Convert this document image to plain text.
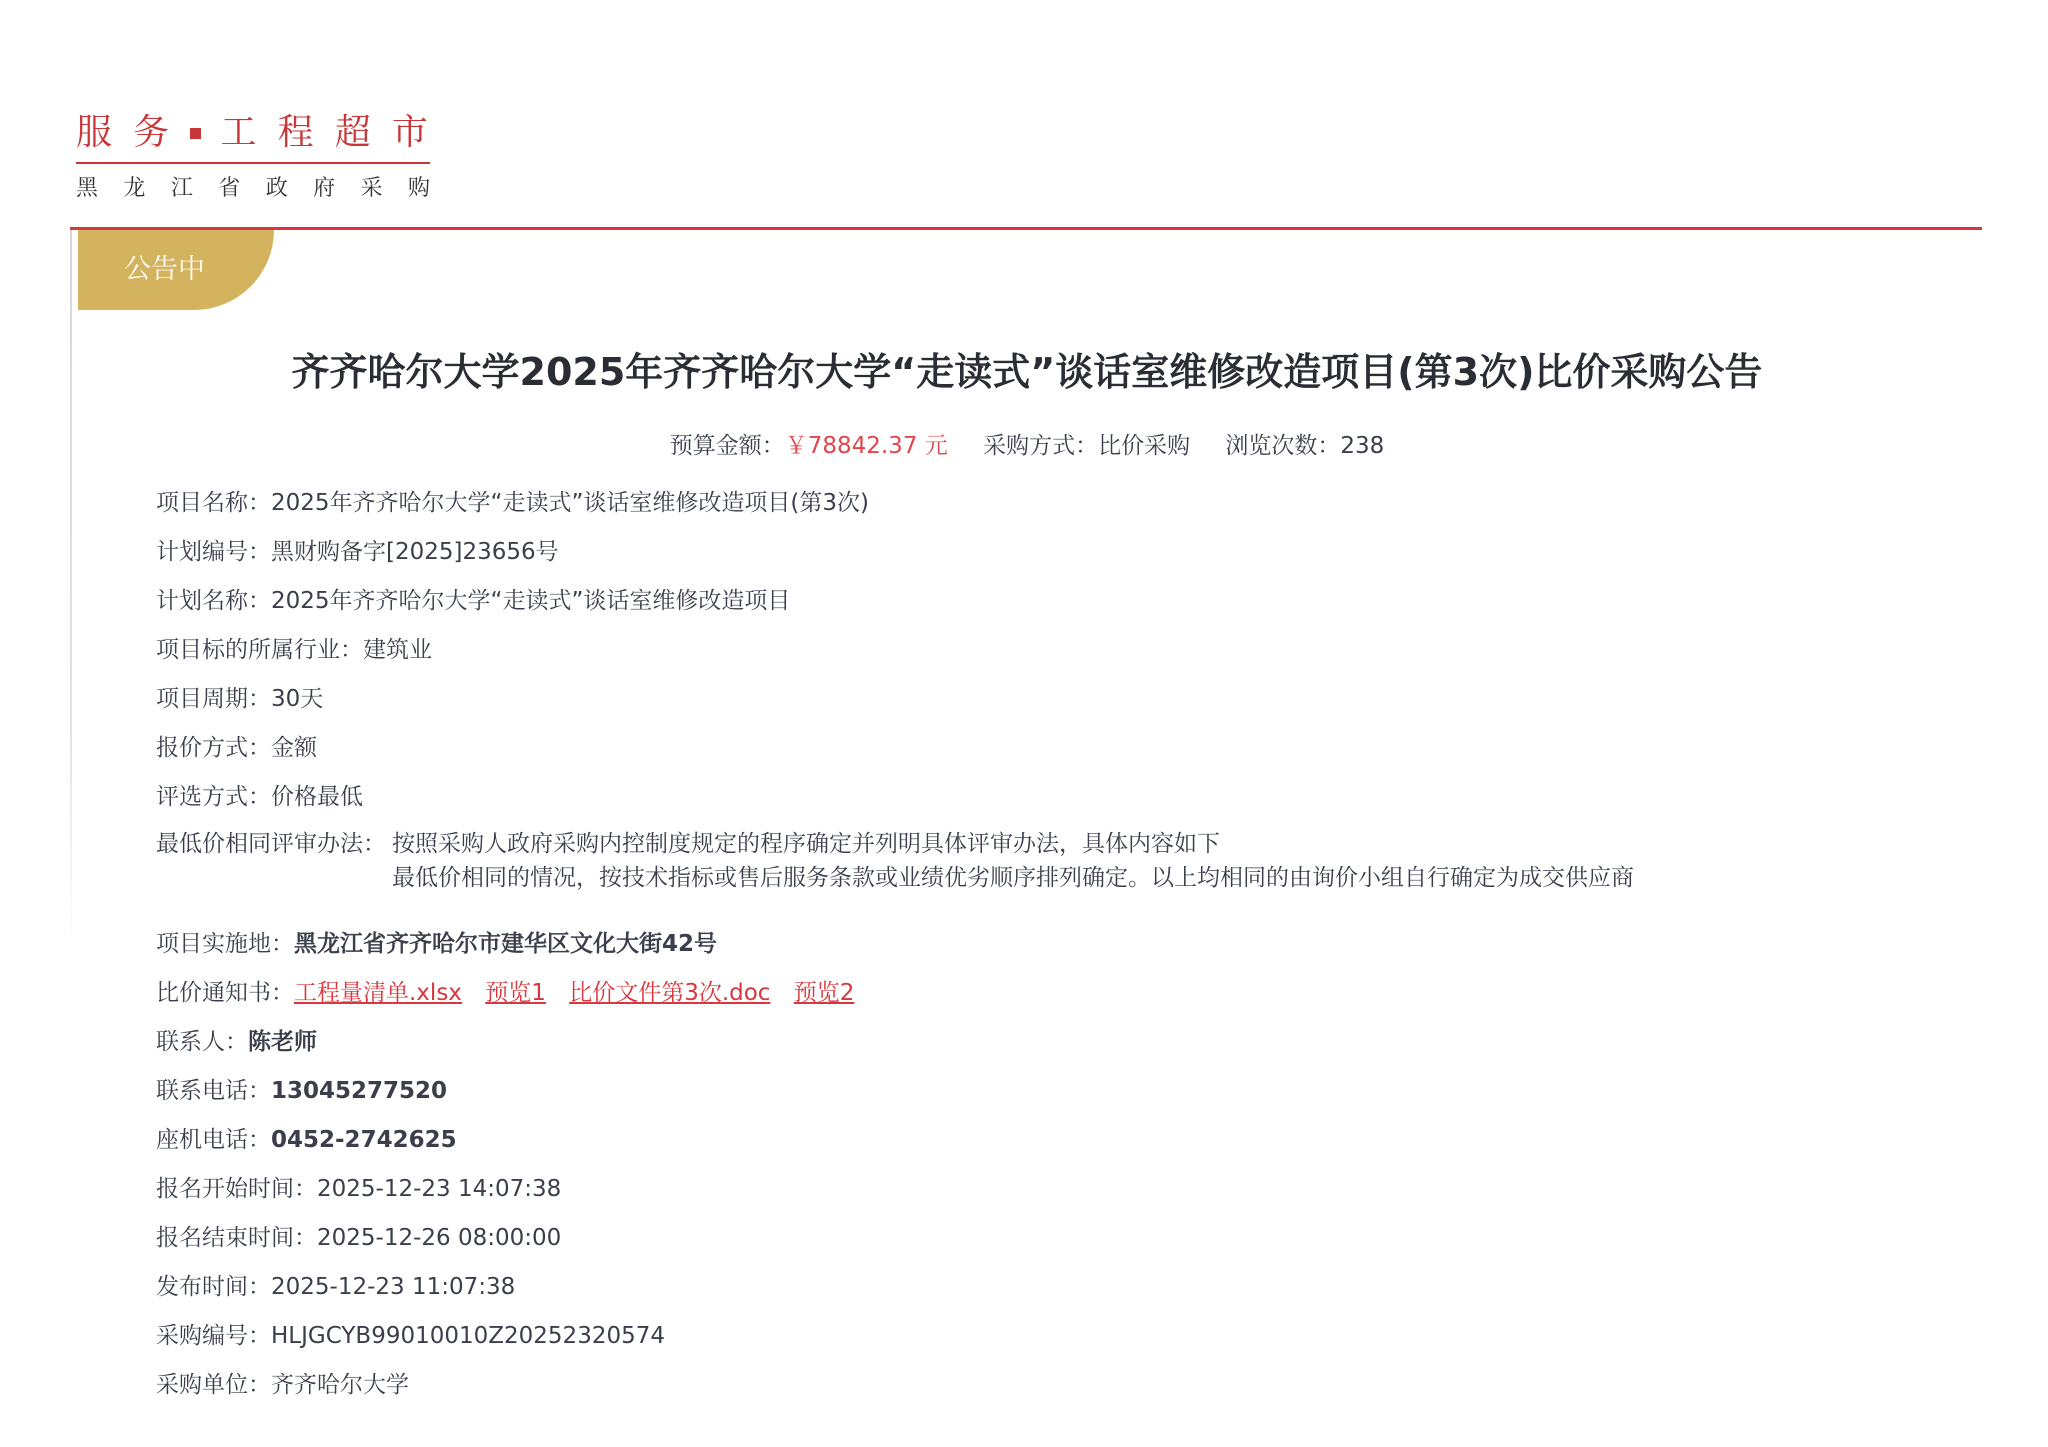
服 务 工 程 超 市
黑 龙 江 省 政 府 采 购
公告中
齐齐哈尔大学2025年齐齐哈尔大学“走读式”谈话室维修改造项目(第3次)比价采购公告
预算金额：￥78842.37 元 采购方式：比价采购 浏览次数：238
项目名称： 2025年齐齐哈尔大学“走读式”谈话室维修改造项目(第3次)
计划编号： 黑财购备字[2025]23656号
计划名称： 2025年齐齐哈尔大学“走读式”谈话室维修改造项目
项目标的所属行业： 建筑业
项目周期： 30天
报价方式： 金额
评选方式： 价格最低
最低价相同评审办法： 按照采购人政府采购内控制度规定的程序确定并列明具体评审办法，具体内容如下
最低价相同的情况，按技术指标或售后服务条款或业绩优劣顺序排列确定。以上均相同的由询价小组自行确定为成交供应商
项目实施地： 黑龙江省齐齐哈尔市建华区文化大街42号
比价通知书： 工程量清单.xlsx 预览1 比价文件第3次.doc 预览2
联系人： 陈老师
联系电话： 13045277520
座机电话： 0452-2742625
报名开始时间： 2025-12-23 14:07:38
报名结束时间： 2025-12-26 08:00:00
发布时间： 2025-12-23 11:07:38
采购编号： HLJGCYB99010010Z20252320574
采购单位： 齐齐哈尔大学
